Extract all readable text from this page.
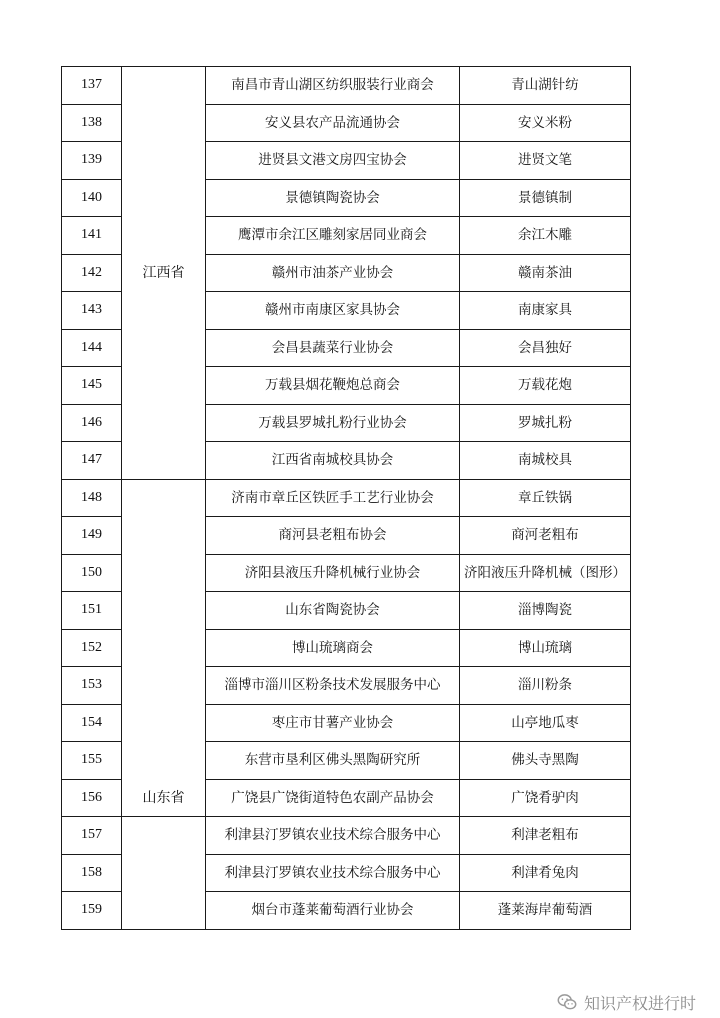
137	江西省	南昌市青山湖区纺织服装行业商会	青山湖针纺
138		安义县农产品流通协会	安义米粉
139		进贤县文港文房四宝协会	进贤文笔
140		景德镇陶瓷协会	景德镇制
141		鹰潭市余江区雕刻家居同业商会	余江木雕
142		赣州市油茶产业协会	赣南茶油
143		赣州市南康区家具协会	南康家具
144		会昌县蔬菜行业协会	会昌独好
145		万载县烟花鞭炮总商会	万载花炮
146		万载县罗城扎粉行业协会	罗城扎粉
147		江西省南城校具协会	南城校具
148	山东省	济南市章丘区铁匠手工艺行业协会	章丘铁锅
149		商河县老粗布协会	商河老粗布
150		济阳县液压升降机械行业协会	济阳液压升降机械（图形）
151		山东省陶瓷协会	淄博陶瓷
152		博山琉璃商会	博山琉璃
153		淄博市淄川区粉条技术发展服务中心	淄川粉条
154		枣庄市甘薯产业协会	山亭地瓜枣
155		东营市垦利区佛头黑陶研究所	佛头寺黑陶
156		广饶县广饶街道特色农副产品协会	广饶肴驴肉
157		利津县汀罗镇农业技术综合服务中心	利津老粗布
158		利津县汀罗镇农业技术综合服务中心	利津肴兔肉
159		烟台市蓬莱葡萄酒行业协会	蓬莱海岸葡萄酒
知识产权进行时
